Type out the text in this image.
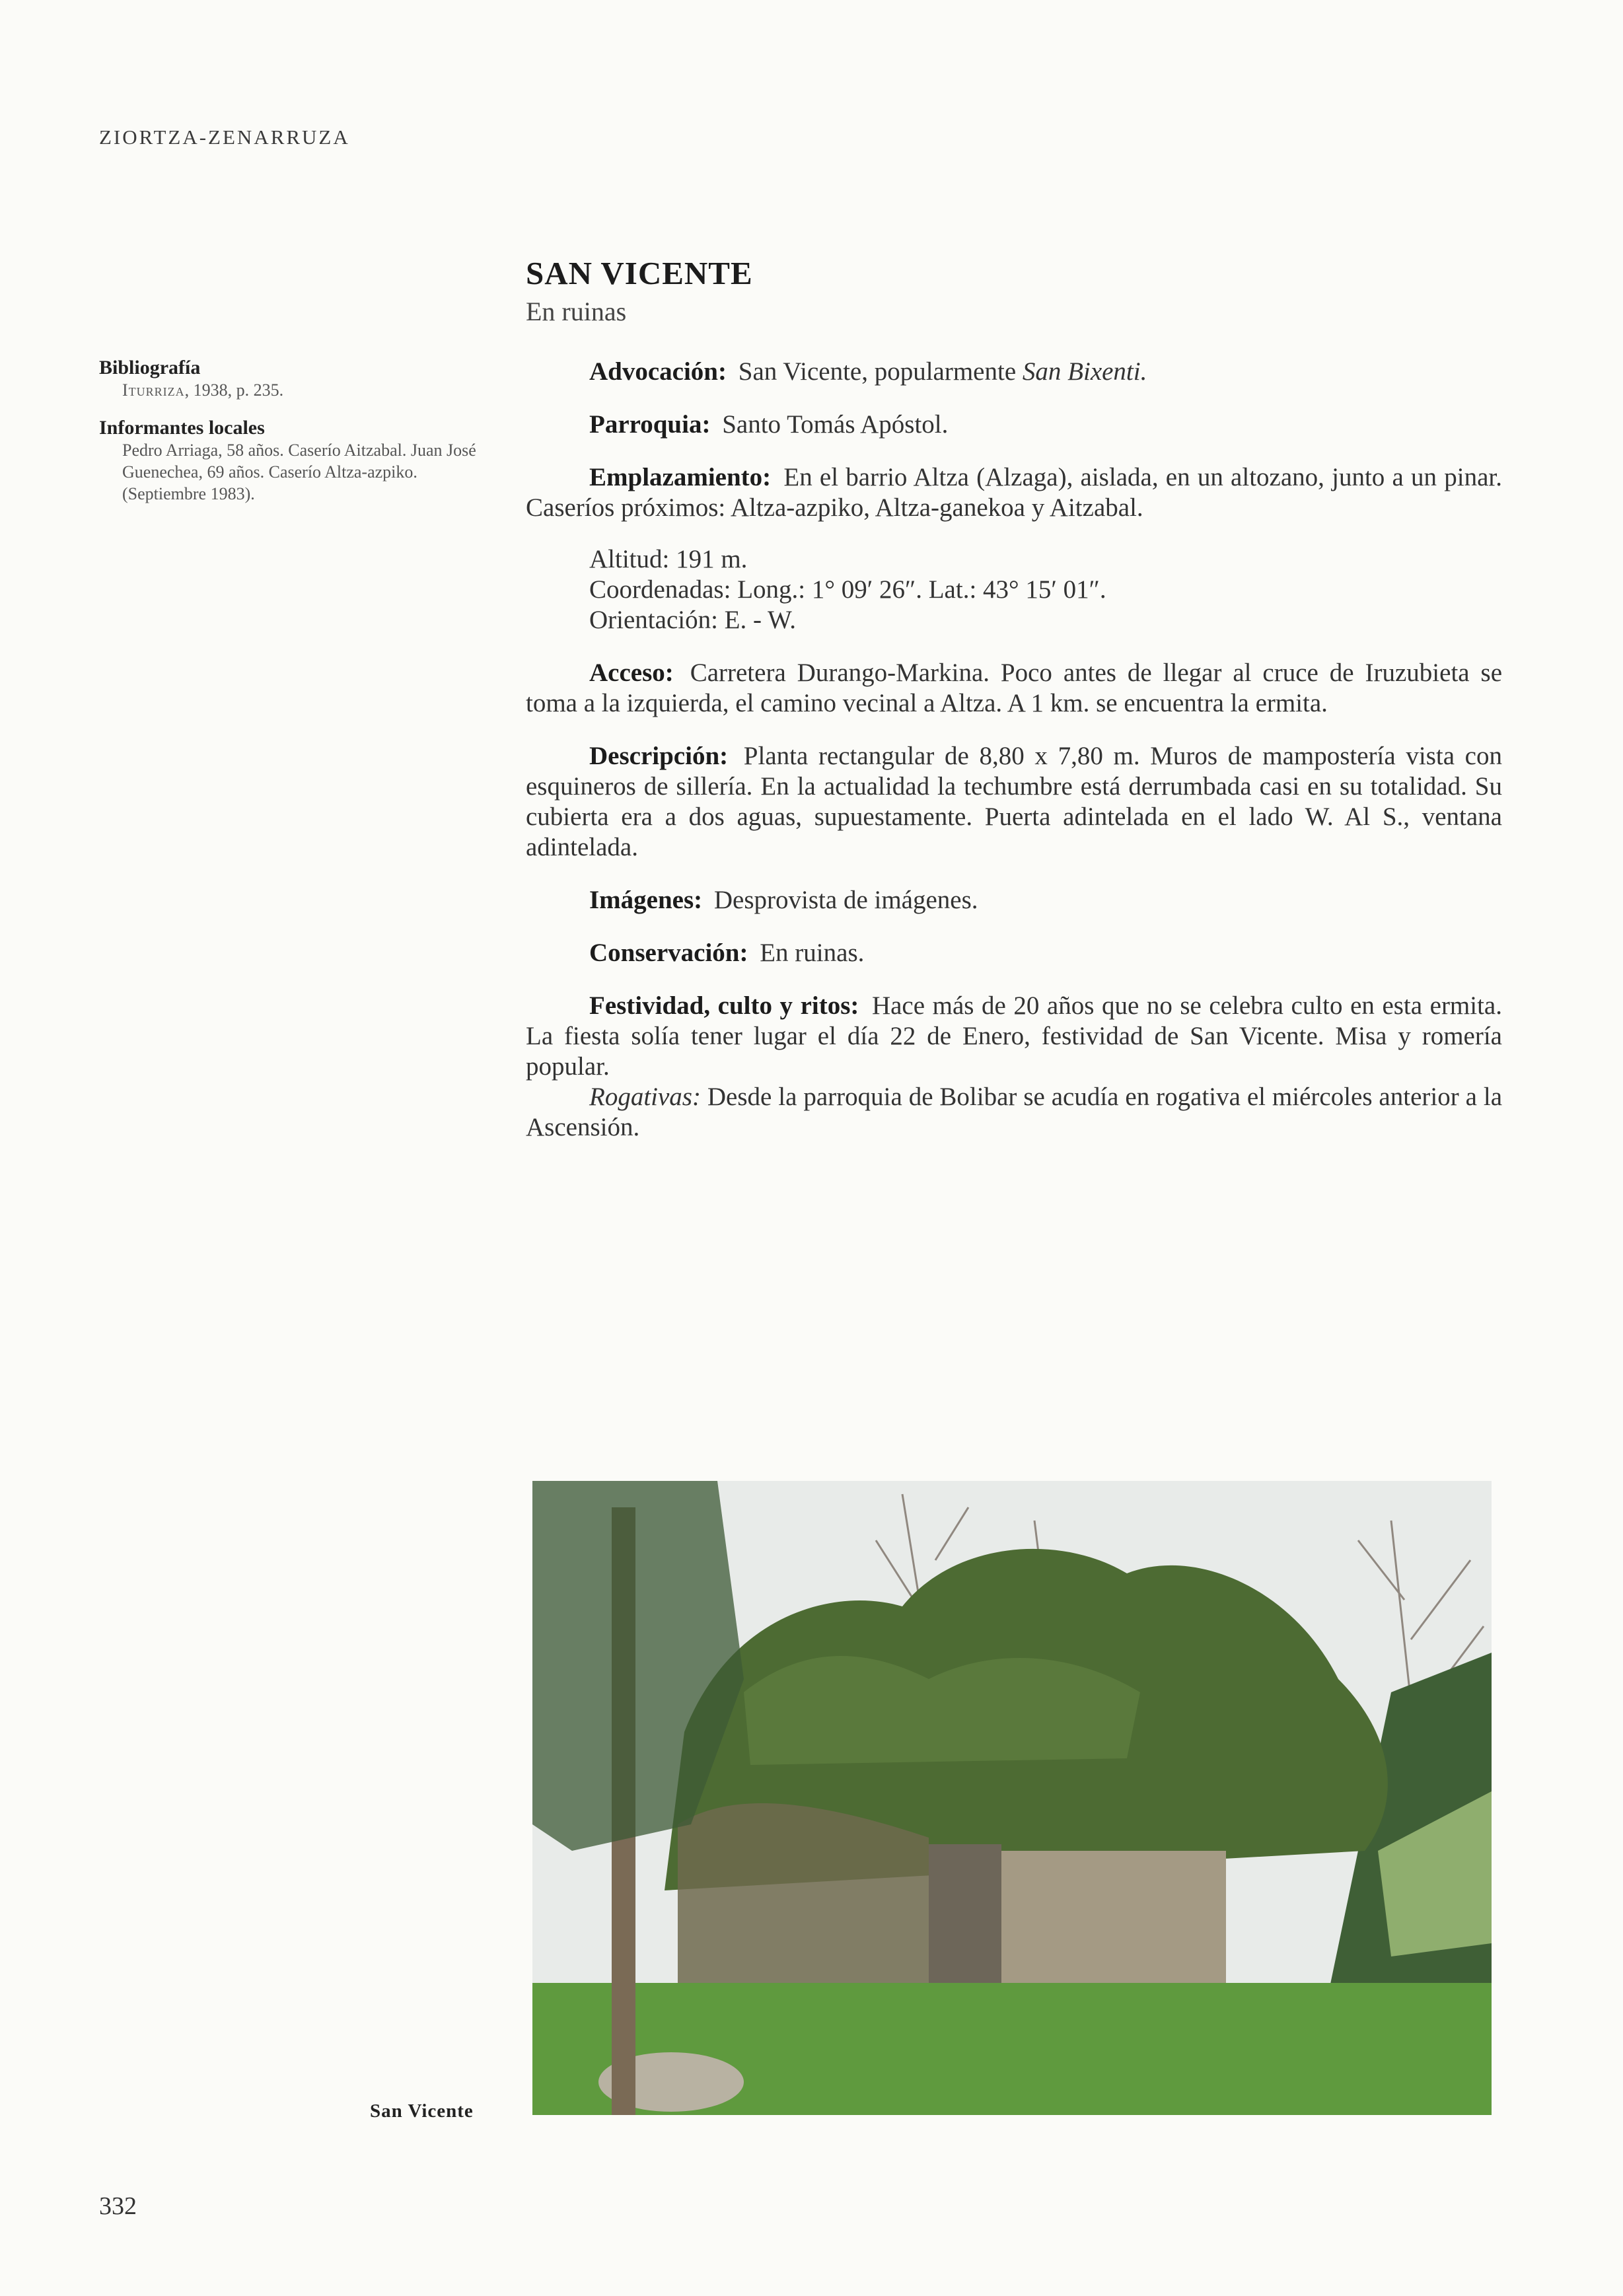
ZIORTZA-ZENARRUZA
SAN VICENTE
En ruinas
Bibliografía
Iturriza, 1938, p. 235.
Informantes locales
Pedro Arriaga, 58 años. Caserío Aitzabal. Juan José Guenechea, 69 años. Caserío Altza-azpiko. (Septiembre 1983).

Advocación: San Vicente, popularmente San Bixenti.

Parroquia: Santo Tomás Apóstol.

Emplazamiento: En el barrio Altza (Alzaga), aislada, en un altozano, junto a un pinar. Caseríos próximos: Altza-azpiko, Altza-ganekoa y Aitzabal.

Altitud: 191 m.
Coordenadas: Long.: 1° 09′ 26″. Lat.: 43° 15′ 01″.
Orientación: E. - W.

Acceso: Carretera Durango-Markina. Poco antes de llegar al cruce de Iruzubieta se toma a la izquierda, el camino vecinal a Altza. A 1 km. se encuentra la ermita.

Descripción: Planta rectangular de 8,80 x 7,80 m. Muros de mampostería vista con esquineros de sillería. En la actualidad la techumbre está derrumbada casi en su totalidad. Su cubierta era a dos aguas, supuestamente. Puerta adintelada en el lado W. Al S., ventana adintelada.

Imágenes: Desprovista de imágenes.

Conservación: En ruinas.

Festividad, culto y ritos: Hace más de 20 años que no se celebra culto en esta ermita. La fiesta solía tener lugar el día 22 de Enero, festividad de San Vicente. Misa y romería popular.

Rogativas: Desde la parroquia de Bolibar se acudía en rogativa el miércoles anterior a la Ascensión.

San Vicente
332
